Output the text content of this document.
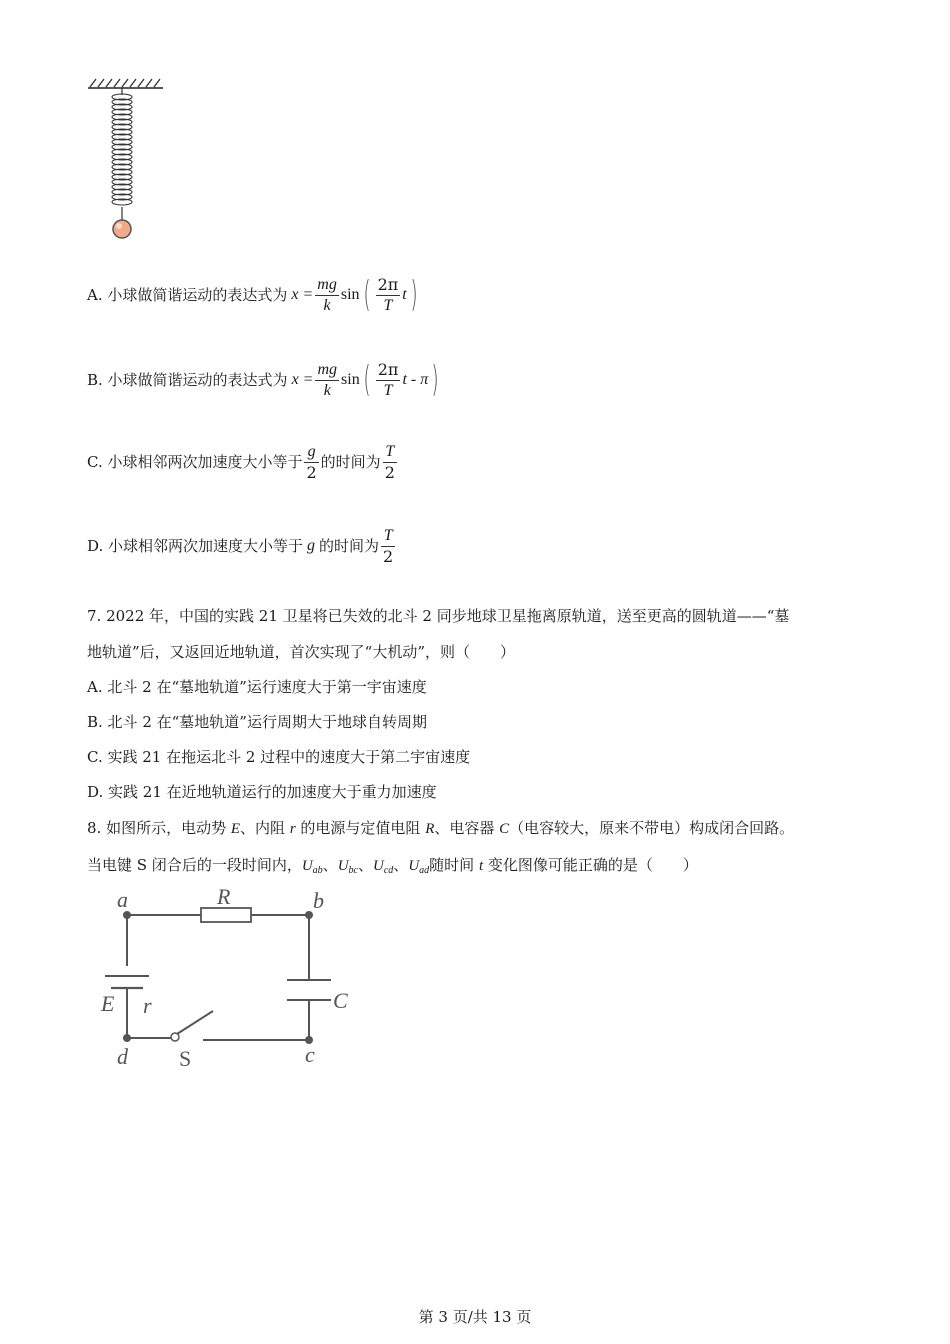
A. 小球做简谐运动的表达式为 $x = \frac{mg}{k}$ sin ( $\frac{2\pi}{T}$ t )
B. 小球做简谐运动的表达式为 $x = \frac{mg}{k}$ sin ( $\frac{2\pi}{T}$ t - π )
C. 小球相邻两次加速度大小等于 $\frac{g}{2}$ 的时间为 $\frac{T}{2}$
D. 小球相邻两次加速度大小等于 g 的时间为 $\frac{T}{2}$
7. 2022 年，中国的实践 21 卫星将已失效的北斗 2 同步地球卫星拖离原轨道，送至更高的圆轨道——“墓
地轨道”后，又返回近地轨道，首次实现了“大机动”，则（　　）
A. 北斗 2 在“墓地轨道”运行速度大于第一宇宙速度
B. 北斗 2 在“墓地轨道”运行周期大于地球自转周期
C. 实践 21 在拖运北斗 2 过程中的速度大于第二宇宙速度
D. 实践 21 在近地轨道运行的加速度大于重力加速度
8. 如图所示，电动势 E、内阻 r 的电源与定值电阻 R、电容器 C（电容较大，原来不带电）构成闭合回路。
当电键 S 闭合后的一段时间内，$U_{ab}$、$U_{bc}$、$U_{cd}$、$U_{ad}$随时间 t 变化图像可能正确的是（　　）
a	R	b
E r	C
d S	c
第 3 页/共 13 页
